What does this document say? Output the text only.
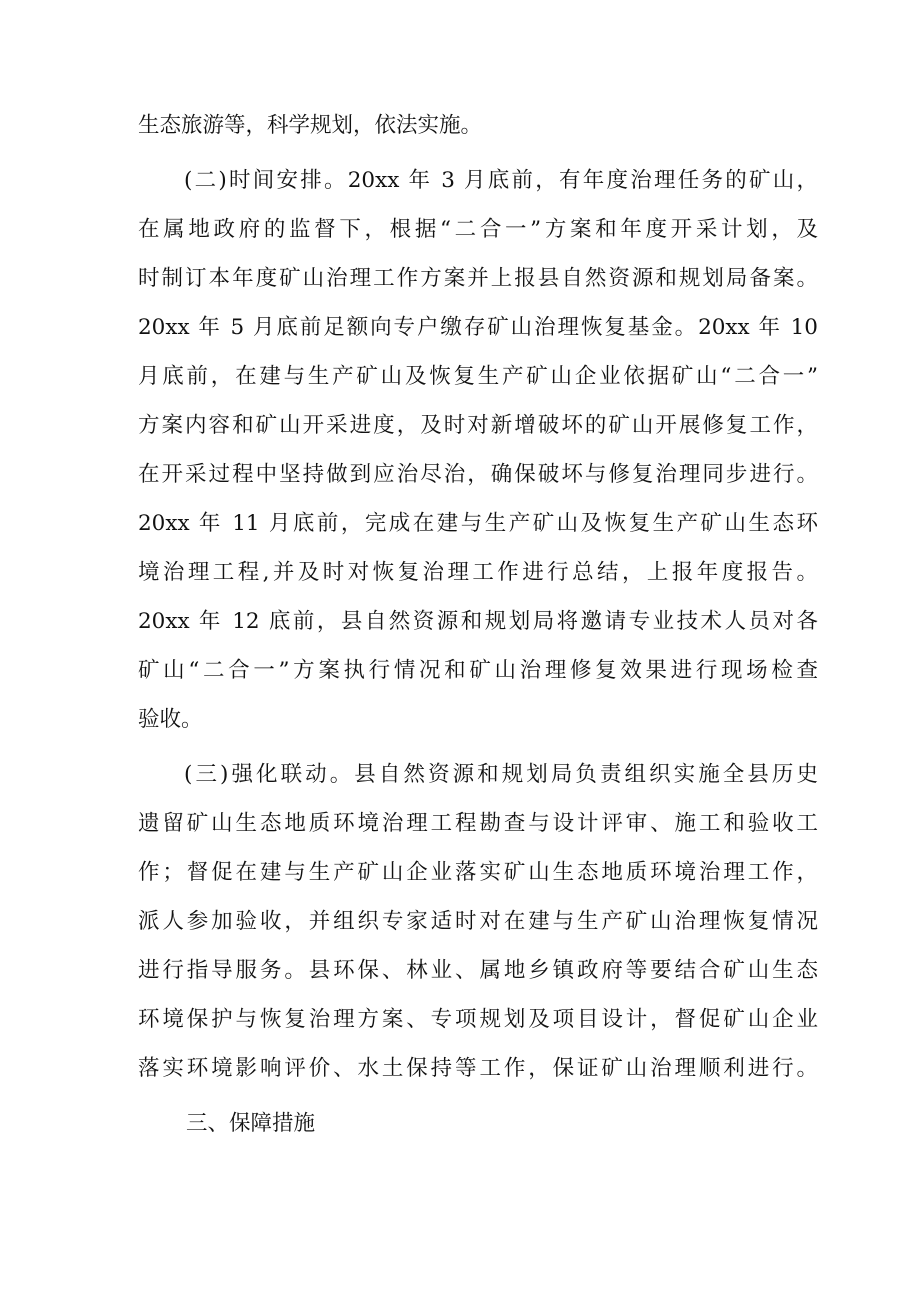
生态旅游等，科学规划，依法实施。
(二)时间安排。20xx 年 3 月底前，有年度治理任务的矿山，
在属地政府的监督下，根据“二合一”方案和年度开采计划，及
时制订本年度矿山治理工作方案并上报县自然资源和规划局备案。
20xx 年 5 月底前足额向专户缴存矿山治理恢复基金。20xx 年 10
月底前，在建与生产矿山及恢复生产矿山企业依据矿山“二合一”
方案内容和矿山开采进度，及时对新增破坏的矿山开展修复工作，
在开采过程中坚持做到应治尽治，确保破坏与修复治理同步进行。
20xx 年 11 月底前，完成在建与生产矿山及恢复生产矿山生态环
境治理工程,并及时对恢复治理工作进行总结，上报年度报告。
20xx 年 12 底前，县自然资源和规划局将邀请专业技术人员对各
矿山“二合一”方案执行情况和矿山治理修复效果进行现场检查
验收。
(三)强化联动。县自然资源和规划局负责组织实施全县历史
遗留矿山生态地质环境治理工程勘查与设计评审、施工和验收工
作；督促在建与生产矿山企业落实矿山生态地质环境治理工作，
派人参加验收，并组织专家适时对在建与生产矿山治理恢复情况
进行指导服务。县环保、林业、属地乡镇政府等要结合矿山生态
环境保护与恢复治理方案、专项规划及项目设计，督促矿山企业
落实环境影响评价、水土保持等工作，保证矿山治理顺利进行。
三、保障措施
